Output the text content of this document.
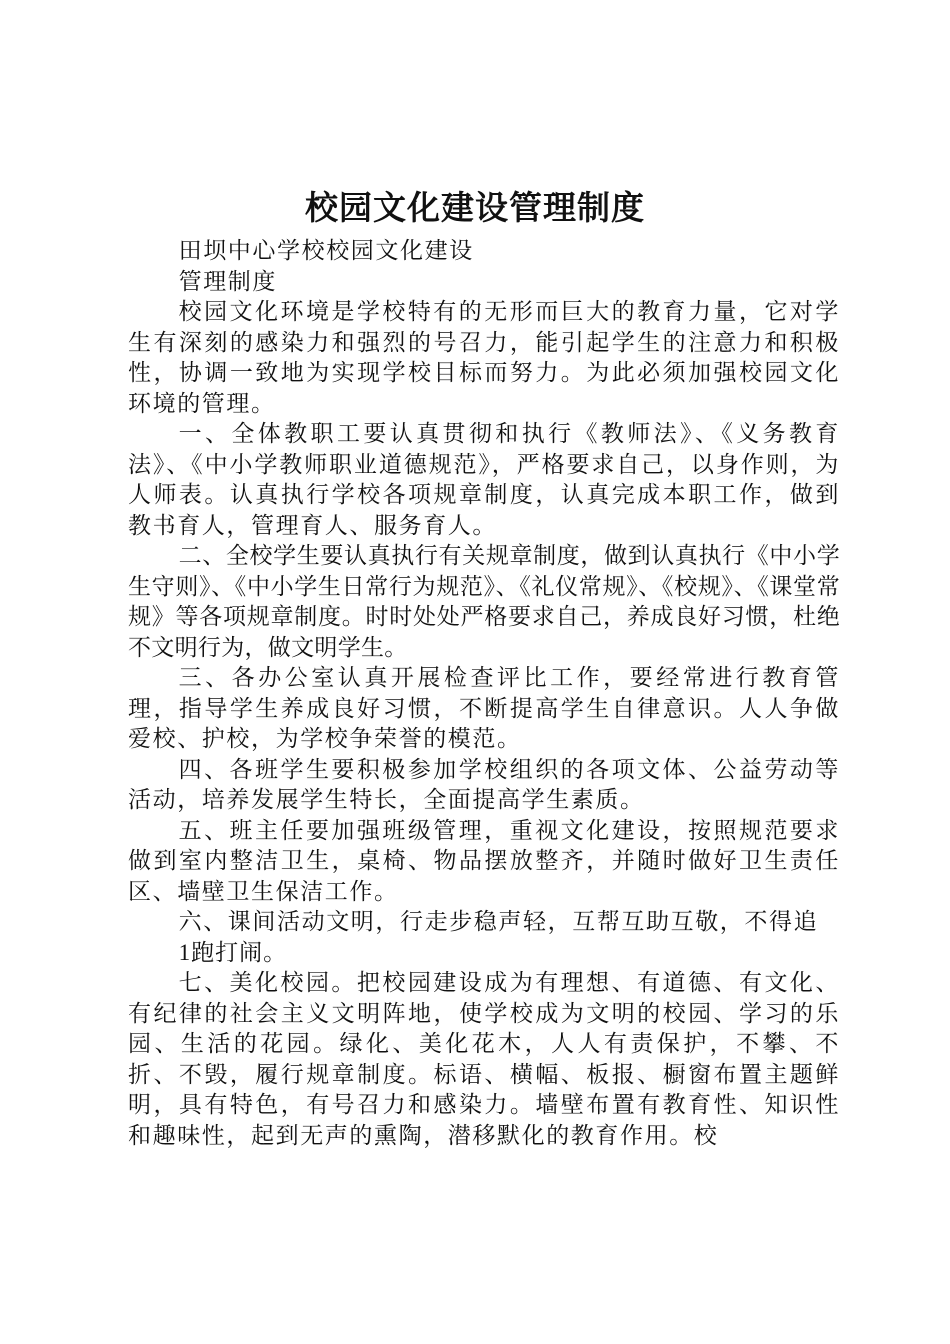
校园文化建设管理制度

田坝中心学校校园文化建设

管理制度

校园文化环境是学校特有的无形而巨大的教育力量，它对学生有深刻的感染力和强烈的号召力，能引起学生的注意力和积极性，协调一致地为实现学校目标而努力。为此必须加强校园文化环境的管理。

一、全体教职工要认真贯彻和执行《教师法》、《义务教育法》、《中小学教师职业道德规范》，严格要求自己，以身作则，为人师表。认真执行学校各项规章制度，认真完成本职工作，做到教书育人，管理育人、服务育人。

二、全校学生要认真执行有关规章制度，做到认真执行《中小学生守则》、《中小学生日常行为规范》、《礼仪常规》、《校规》、《课堂常规》等各项规章制度。时时处处严格要求自己，养成良好习惯，杜绝不文明行为，做文明学生。

三、各办公室认真开展检查评比工作，要经常进行教育管理，指导学生养成良好习惯，不断提高学生自律意识。人人争做爱校、护校，为学校争荣誉的模范。

四、各班学生要积极参加学校组织的各项文体、公益劳动等活动，培养发展学生特长，全面提高学生素质。

五、班主任要加强班级管理，重视文化建设，按照规范要求做到室内整洁卫生，桌椅、物品摆放整齐，并随时做好卫生责任区、墙壁卫生保洁工作。

六、课间活动文明，行走步稳声轻，互帮互助互敬，不得追

1跑打闹。

七、美化校园。把校园建设成为有理想、有道德、有文化、有纪律的社会主义文明阵地，使学校成为文明的校园、学习的乐园、生活的花园。绿化、美化花木，人人有责保护，不攀、不折、不毁，履行规章制度。标语、横幅、板报、橱窗布置主题鲜明，具有特色，有号召力和感染力。墙壁布置有教育性、知识性和趣味性，起到无声的熏陶，潜移默化的教育作用。校
